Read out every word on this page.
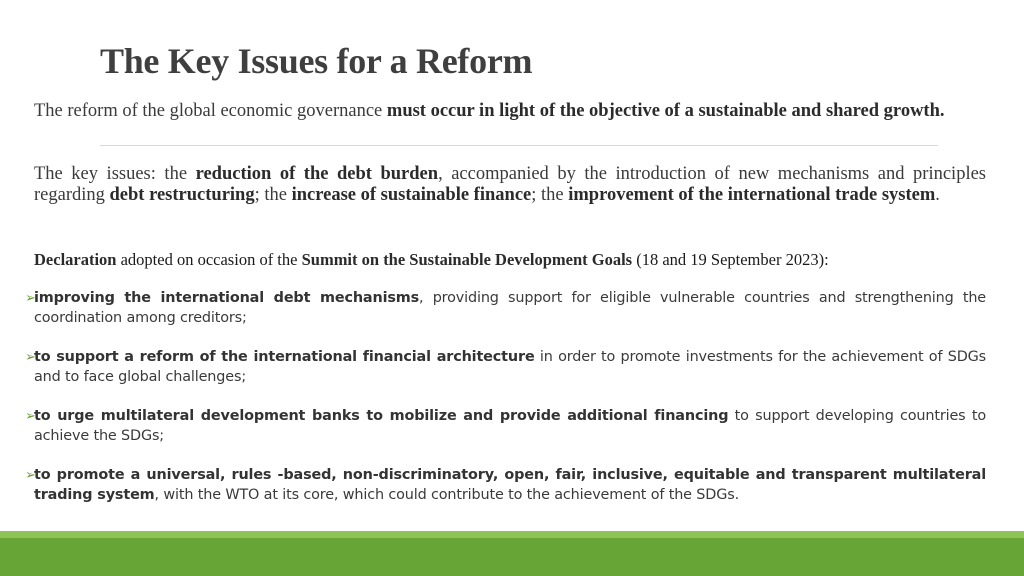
The Key Issues for a Reform

The reform of the global economic governance must occur in light of the objective of a sustainable and shared growth.

The key issues: the reduction of the debt burden, accompanied by the introduction of new mechanisms and principles regarding debt restructuring; the increase of sustainable finance; the improvement of the international trade system.

Declaration adopted on occasion of the Summit on the Sustainable Development Goals (18 and 19 September 2023):

➢
improving the international debt mechanisms, providing support for eligible vulnerable countries and strengthening the coordination among creditors;

➢
to support a reform of the international financial architecture in order to promote investments for the achievement of SDGs and to face global challenges;

➢
to urge multilateral development banks to mobilize and provide additional financing to support developing countries to achieve the SDGs;

➢
to promote a universal, rules -based, non-discriminatory, open, fair, inclusive, equitable and transparent multilateral trading system, with the WTO at its core, which could contribute to the achievement of the SDGs.
